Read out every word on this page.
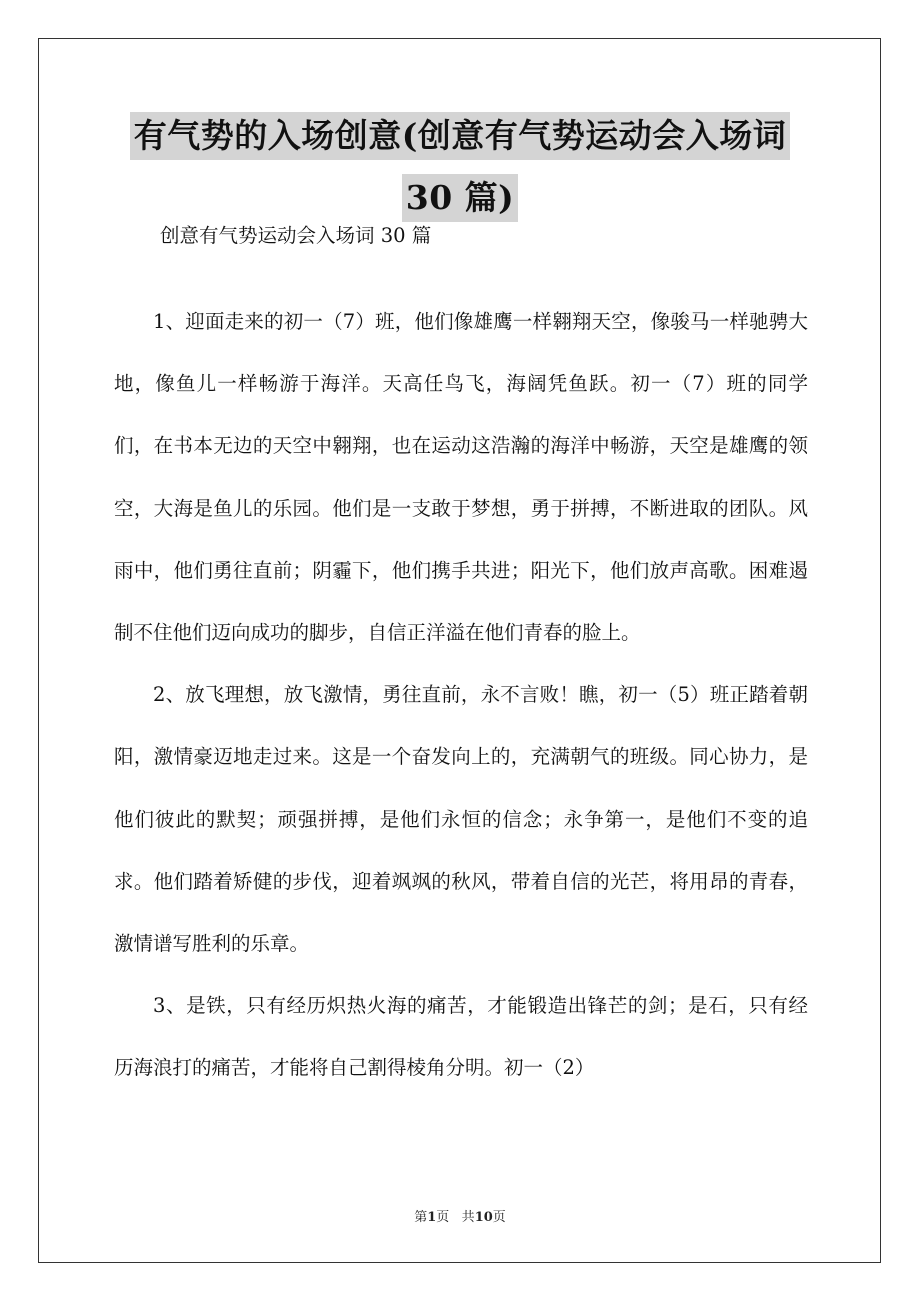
有气势的入场创意(创意有气势运动会入场词
30 篇)
创意有气势运动会入场词 30 篇

1、迎面走来的初一（7）班，他们像雄鹰一样翱翔天空，像骏马一样驰骋大地，像鱼儿一样畅游于海洋。天高任鸟飞，海阔凭鱼跃。初一（7）班的同学们，在书本无边的天空中翱翔，也在运动这浩瀚的海洋中畅游，天空是雄鹰的领空，大海是鱼儿的乐园。他们是一支敢于梦想，勇于拼搏，不断进取的团队。风雨中，他们勇往直前；阴霾下，他们携手共进；阳光下，他们放声高歌。困难遏制不住他们迈向成功的脚步，自信正洋溢在他们青春的脸上。

2、放飞理想，放飞激情，勇往直前，永不言败！瞧，初一（5）班正踏着朝阳，激情豪迈地走过来。这是一个奋发向上的，充满朝气的班级。同心协力，是他们彼此的默契；顽强拼搏，是他们永恒的信念；永争第一，是他们不变的追求。他们踏着矫健的步伐，迎着飒飒的秋风，带着自信的光芒，将用昂的青春，激情谱写胜利的乐章。

3、是铁，只有经历炽热火海的痛苦，才能锻造出锋芒的剑；是石，只有经历海浪打的痛苦，才能将自己割得棱角分明。初一（2）

第1页 共10页
